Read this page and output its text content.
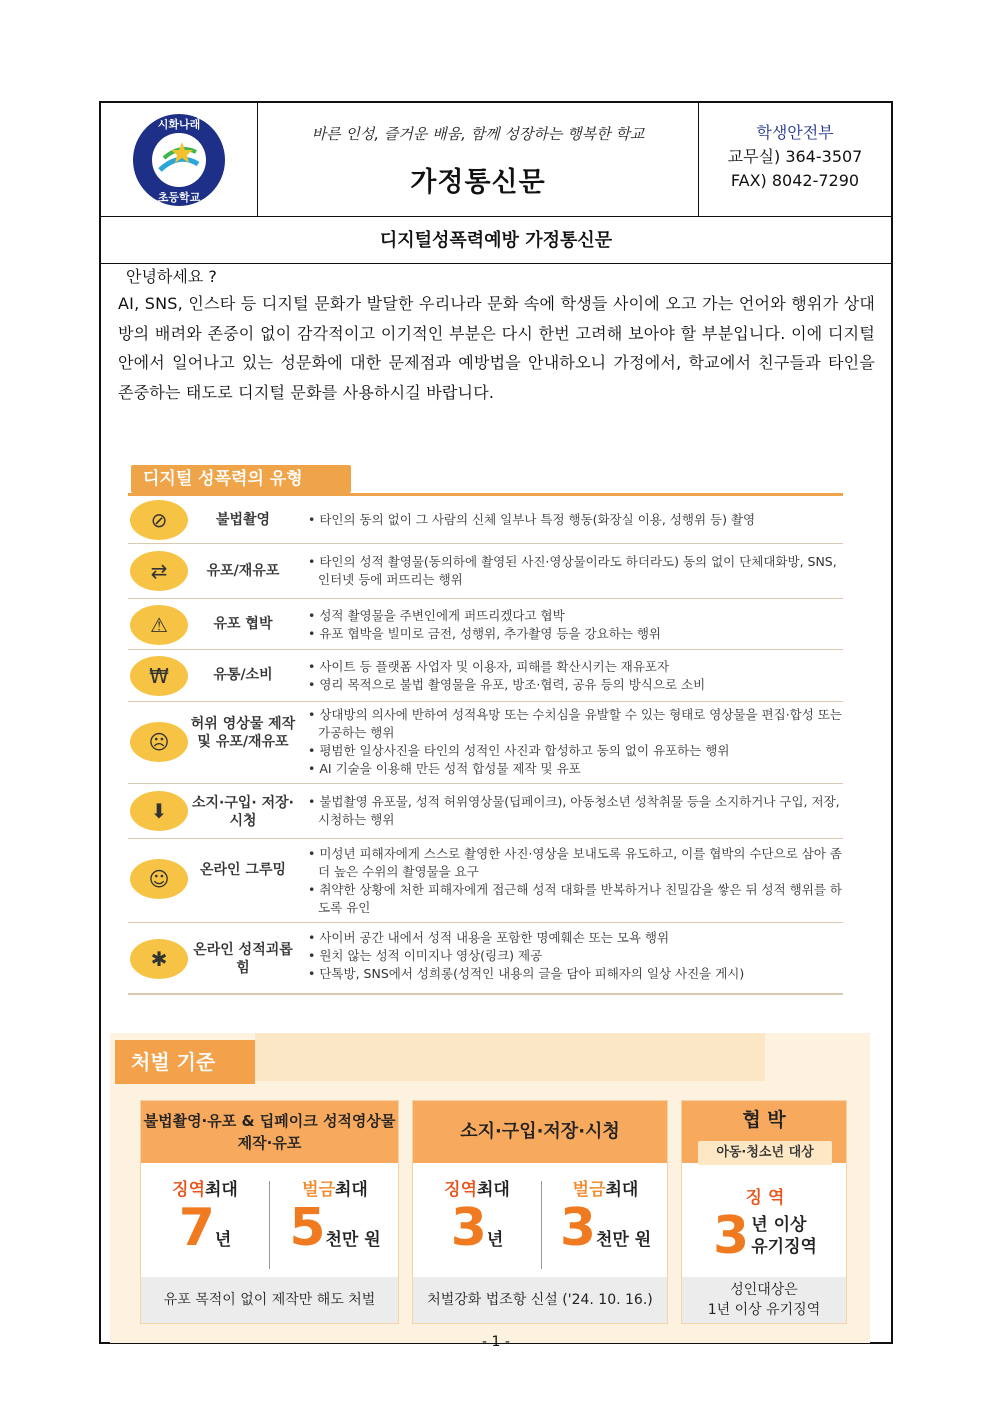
시화나래
초등학교
바른 인성, 즐거운 배움, 함께 성장하는 행복한 학교
가정통신문
학생안전부
교무실) 364-3507
FAX) 8042-7290
디지털성폭력예방 가정통신문
안녕하세요 ?
AI, SNS, 인스타 등 디지털 문화가 발달한 우리나라 문화 속에 학생들 사이에 오고 가는 언어와 행위가 상대방의 배려와 존중이 없이 감각적이고 이기적인 부분은 다시 한번 고려해 보아야 할 부분입니다. 이에 디지털 안에서 일어나고 있는 성문화에 대한 문제점과 예방법을 안내하오니 가정에서, 학교에서 친구들과 타인을 존중하는 태도로 디지털 문화를 사용하시길 바랍니다.
디지털 성폭력의 유형
⊘	불법촬영
•	타인의 동의 없이 그 사람의 신체 일부나 특정 행동(화장실 이용, 성행위 등) 촬영
⇄	유포/재유포
• 타인의 성적 촬영물(동의하에 촬영된 사진·영상물이라도 하더라도) 동의 없이 단체대화방, SNS, 인터넷 등에 퍼뜨리는 행위
⚠	유포 협박
• 성적 촬영물을 주변인에게 퍼뜨리겠다고 협박
• 유포 협박을 빌미로 금전, 성행위, 추가촬영 등을 강요하는 행위
₩	유통/소비
• 사이트 등 플랫폼 사업자 및 이용자, 피해를 확산시키는 재유포자
• 영리 목적으로 불법 촬영물을 유포, 방조·협력, 공유 등의 방식으로 소비
☹
허위 영상물 제작 및 유포/재유포
• 상대방의 의사에 반하여 성적욕망 또는 수치심을 유발할 수 있는 형태로 영상물을 편집·합성 또는 가공하는 행위
• 평범한 일상사진을 타인의 성적인 사진과 합성하고 동의 없이 유포하는 행위
• AI 기술을 이용해 만든 성적 합성물 제작 및 유포
⬇	소지·구입· 저장·시청
• 불법촬영 유포물, 성적 허위영상물(딥페이크), 아동청소년 성착취물 등을 소지하거나 구입, 저장, 시청하는 행위
☺	온라인 그루밍
• 미성년 피해자에게 스스로 촬영한 사진·영상을 보내도록 유도하고, 이를 협박의 수단으로 삼아 좀 더 높은 수위의 촬영물을 요구
• 취약한 상황에 처한 피해자에게 접근해 성적 대화를 반복하거나 친밀감을 쌓은 뒤 성적 행위를 하도록 유인
✱	온라인 성적괴롭힘
• 사이버 공간 내에서 성적 내용을 포함한 명예훼손 또는 모욕 행위
• 원치 않는 성적 이미지나 영상(링크) 제공
• 단톡방, SNS에서 성희롱(성적인 내용의 글을 담아 피해자의 일상 사진을 게시)
처벌 기준
불법촬영·유포 & 딥페이크 성적영상물 제작·유포
징역최대
7년
벌금최대
5천만 원
유포 목적이 없이 제작만 해도 처벌
소지·구입·저장·시청
징역최대
3년
벌금최대
3천만 원
처벌강화 법조항 신설 ('24. 10. 16.)
협 박
아동·청소년 대상
징 역
3 년 이상
유기징역
성인대상은
1년 이상 유기징역
- 1 -
